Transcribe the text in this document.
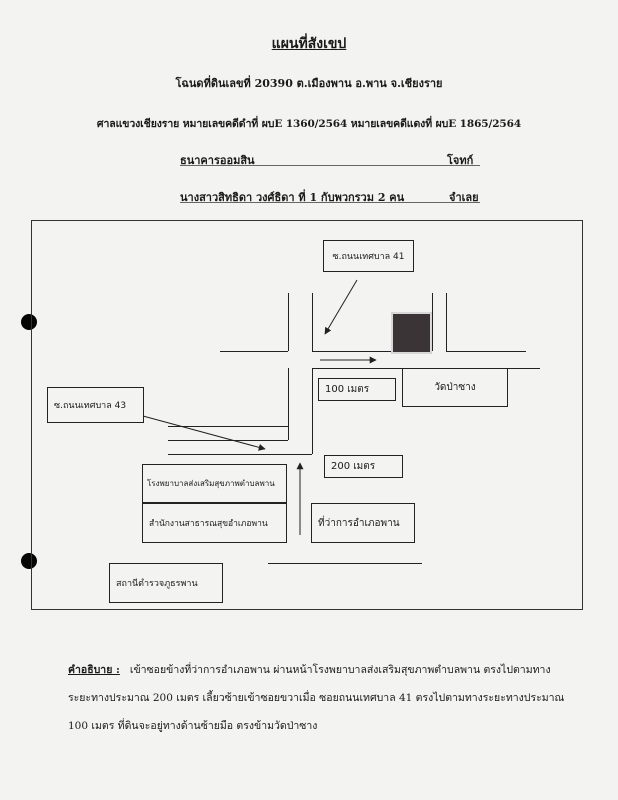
แผนที่สังเขป
โฉนดที่ดินเลขที่ 20390 ต.เมืองพาน อ.พาน จ.เชียงราย
ศาลแขวงเชียงราย หมายเลขคดีดำที่ ผบE 1360/2564 หมายเลขคดีแดงที่ ผบE 1865/2564
ธนาคารออมสิน	โจทก์
นางสาวสิทธิดา วงศ์ธิดา ที่ 1 กับพวกรวม 2 คน	จำเลย
ซ.ถนนเทศบาล 41
ซ.ถนนเทศบาล 43
100 เมตร	วัดป่าซาง
200 เมตร
โรงพยาบาลส่งเสริมสุขภาพตำบลพาน
สำนักงานสาธารณสุขอำเภอพาน	ที่ว่าการอำเภอพาน
สถานีตำรวจภูธรพาน
คำอธิบาย : เข้าซอยข้างที่ว่าการอำเภอพาน ผ่านหน้าโรงพยาบาลส่งเสริมสุขภาพตำบลพาน ตรงไปตามทางระยะทางประมาณ 200 เมตร เลี้ยวซ้ายเข้าซอยขวาเมื่อ ซอยถนนเทศบาล 41 ตรงไปตามทางระยะทางประมาณ 100 เมตร ที่ดินจะอยู่ทางด้านซ้ายมือ ตรงข้ามวัดป่าซาง
